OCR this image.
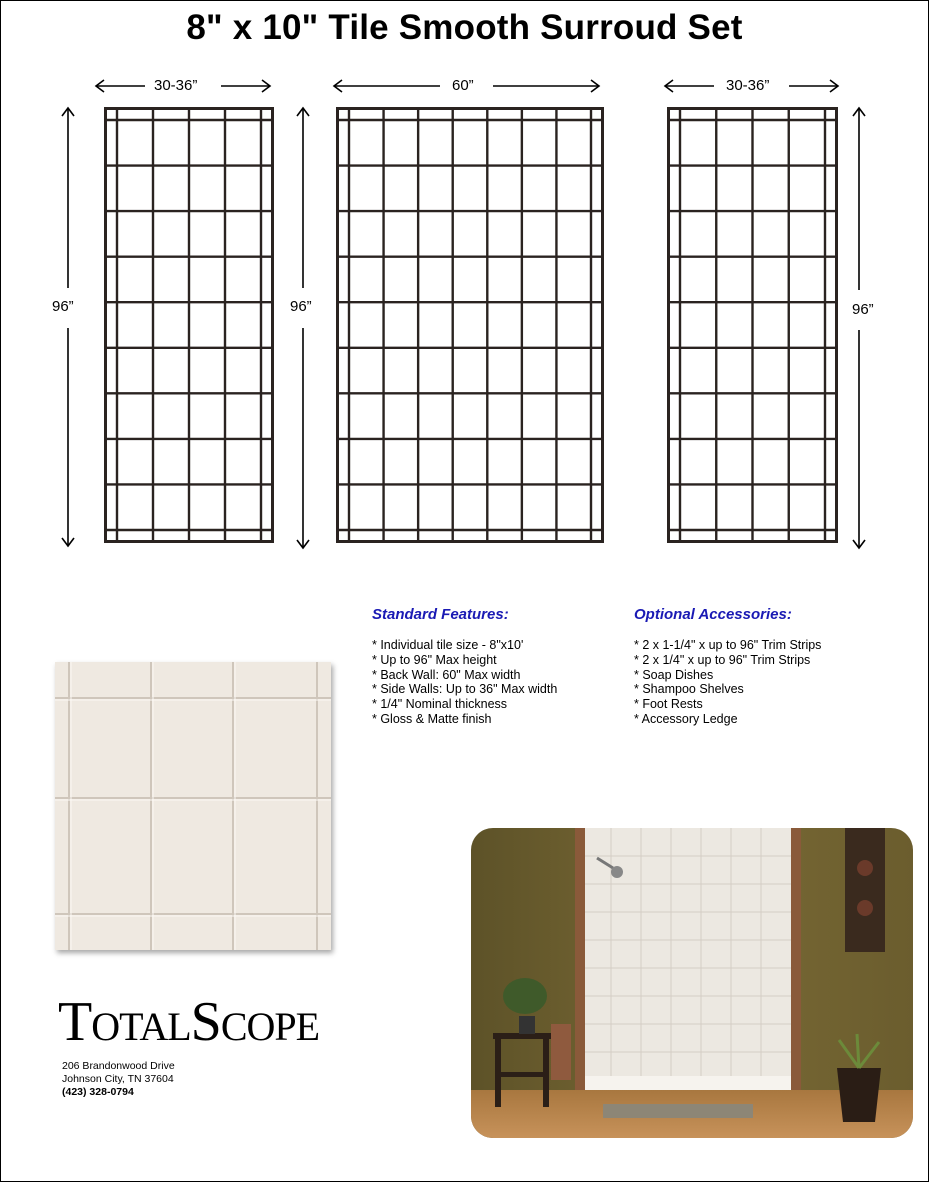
8" x 10" Tile Smooth Surroud Set
30-36”	60”	30-36”
96”	96”	96”
Standard Features:
* Individual tile size - 8"x10'
* Up to 96" Max height
* Back Wall: 60" Max width
* Side Walls: Up to 36" Max width
* 1/4" Nominal thickness
* Gloss & Matte finish
Optional Accessories:
* 2 x 1-1/4" x up to 96" Trim Strips
* 2 x 1/4" x up to 96" Trim Strips
* Soap Dishes
* Shampoo Shelves
* Foot Rests
* Accessory Ledge
TOTALSCOPE
206 Brandonwood Drive
Johnson City, TN 37604
(423) 328-0794
